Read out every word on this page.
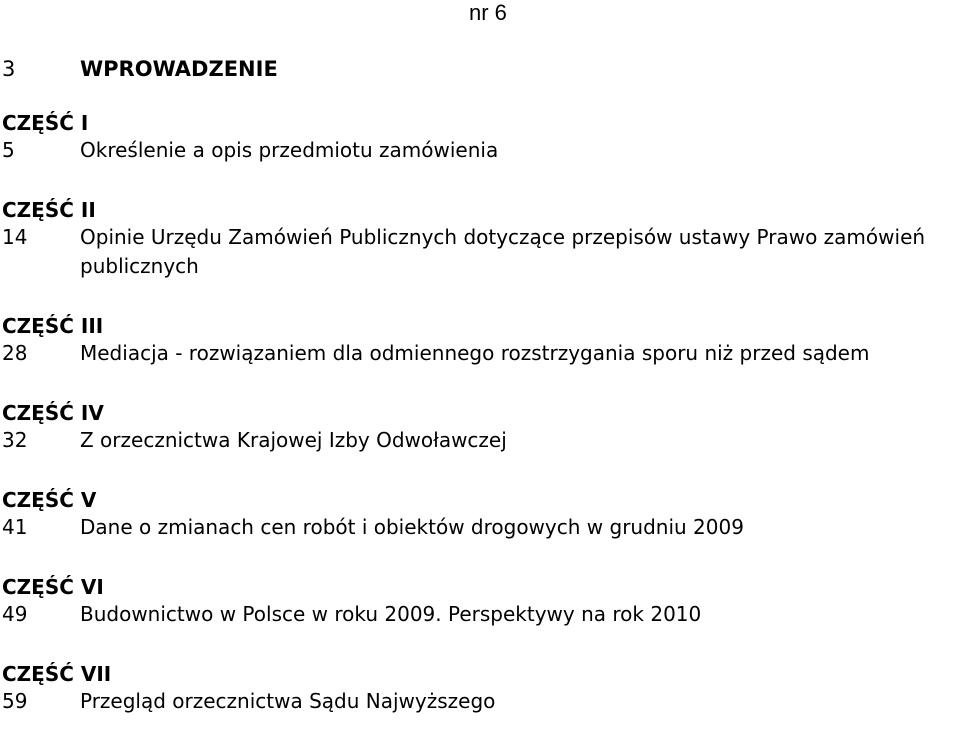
nr 6
3	WPROWADZENIE
CZĘŚĆ I
5	Określenie a opis przedmiotu zamówienia
CZĘŚĆ II
14	Opinie Urzędu Zamówień Publicznych dotyczące przepisów ustawy Prawo zamówień publicznych
CZĘŚĆ III
28	Mediacja - rozwiązaniem dla odmiennego rozstrzygania sporu niż przed sądem
CZĘŚĆ IV
32	Z orzecznictwa Krajowej Izby Odwoławczej
CZĘŚĆ V
41	Dane o zmianach cen robót i obiektów drogowych w grudniu 2009
CZĘŚĆ VI
49	Budownictwo w Polsce w roku 2009. Perspektywy na rok 2010
CZĘŚĆ VII
59	Przegląd orzecznictwa Sądu Najwyższego
